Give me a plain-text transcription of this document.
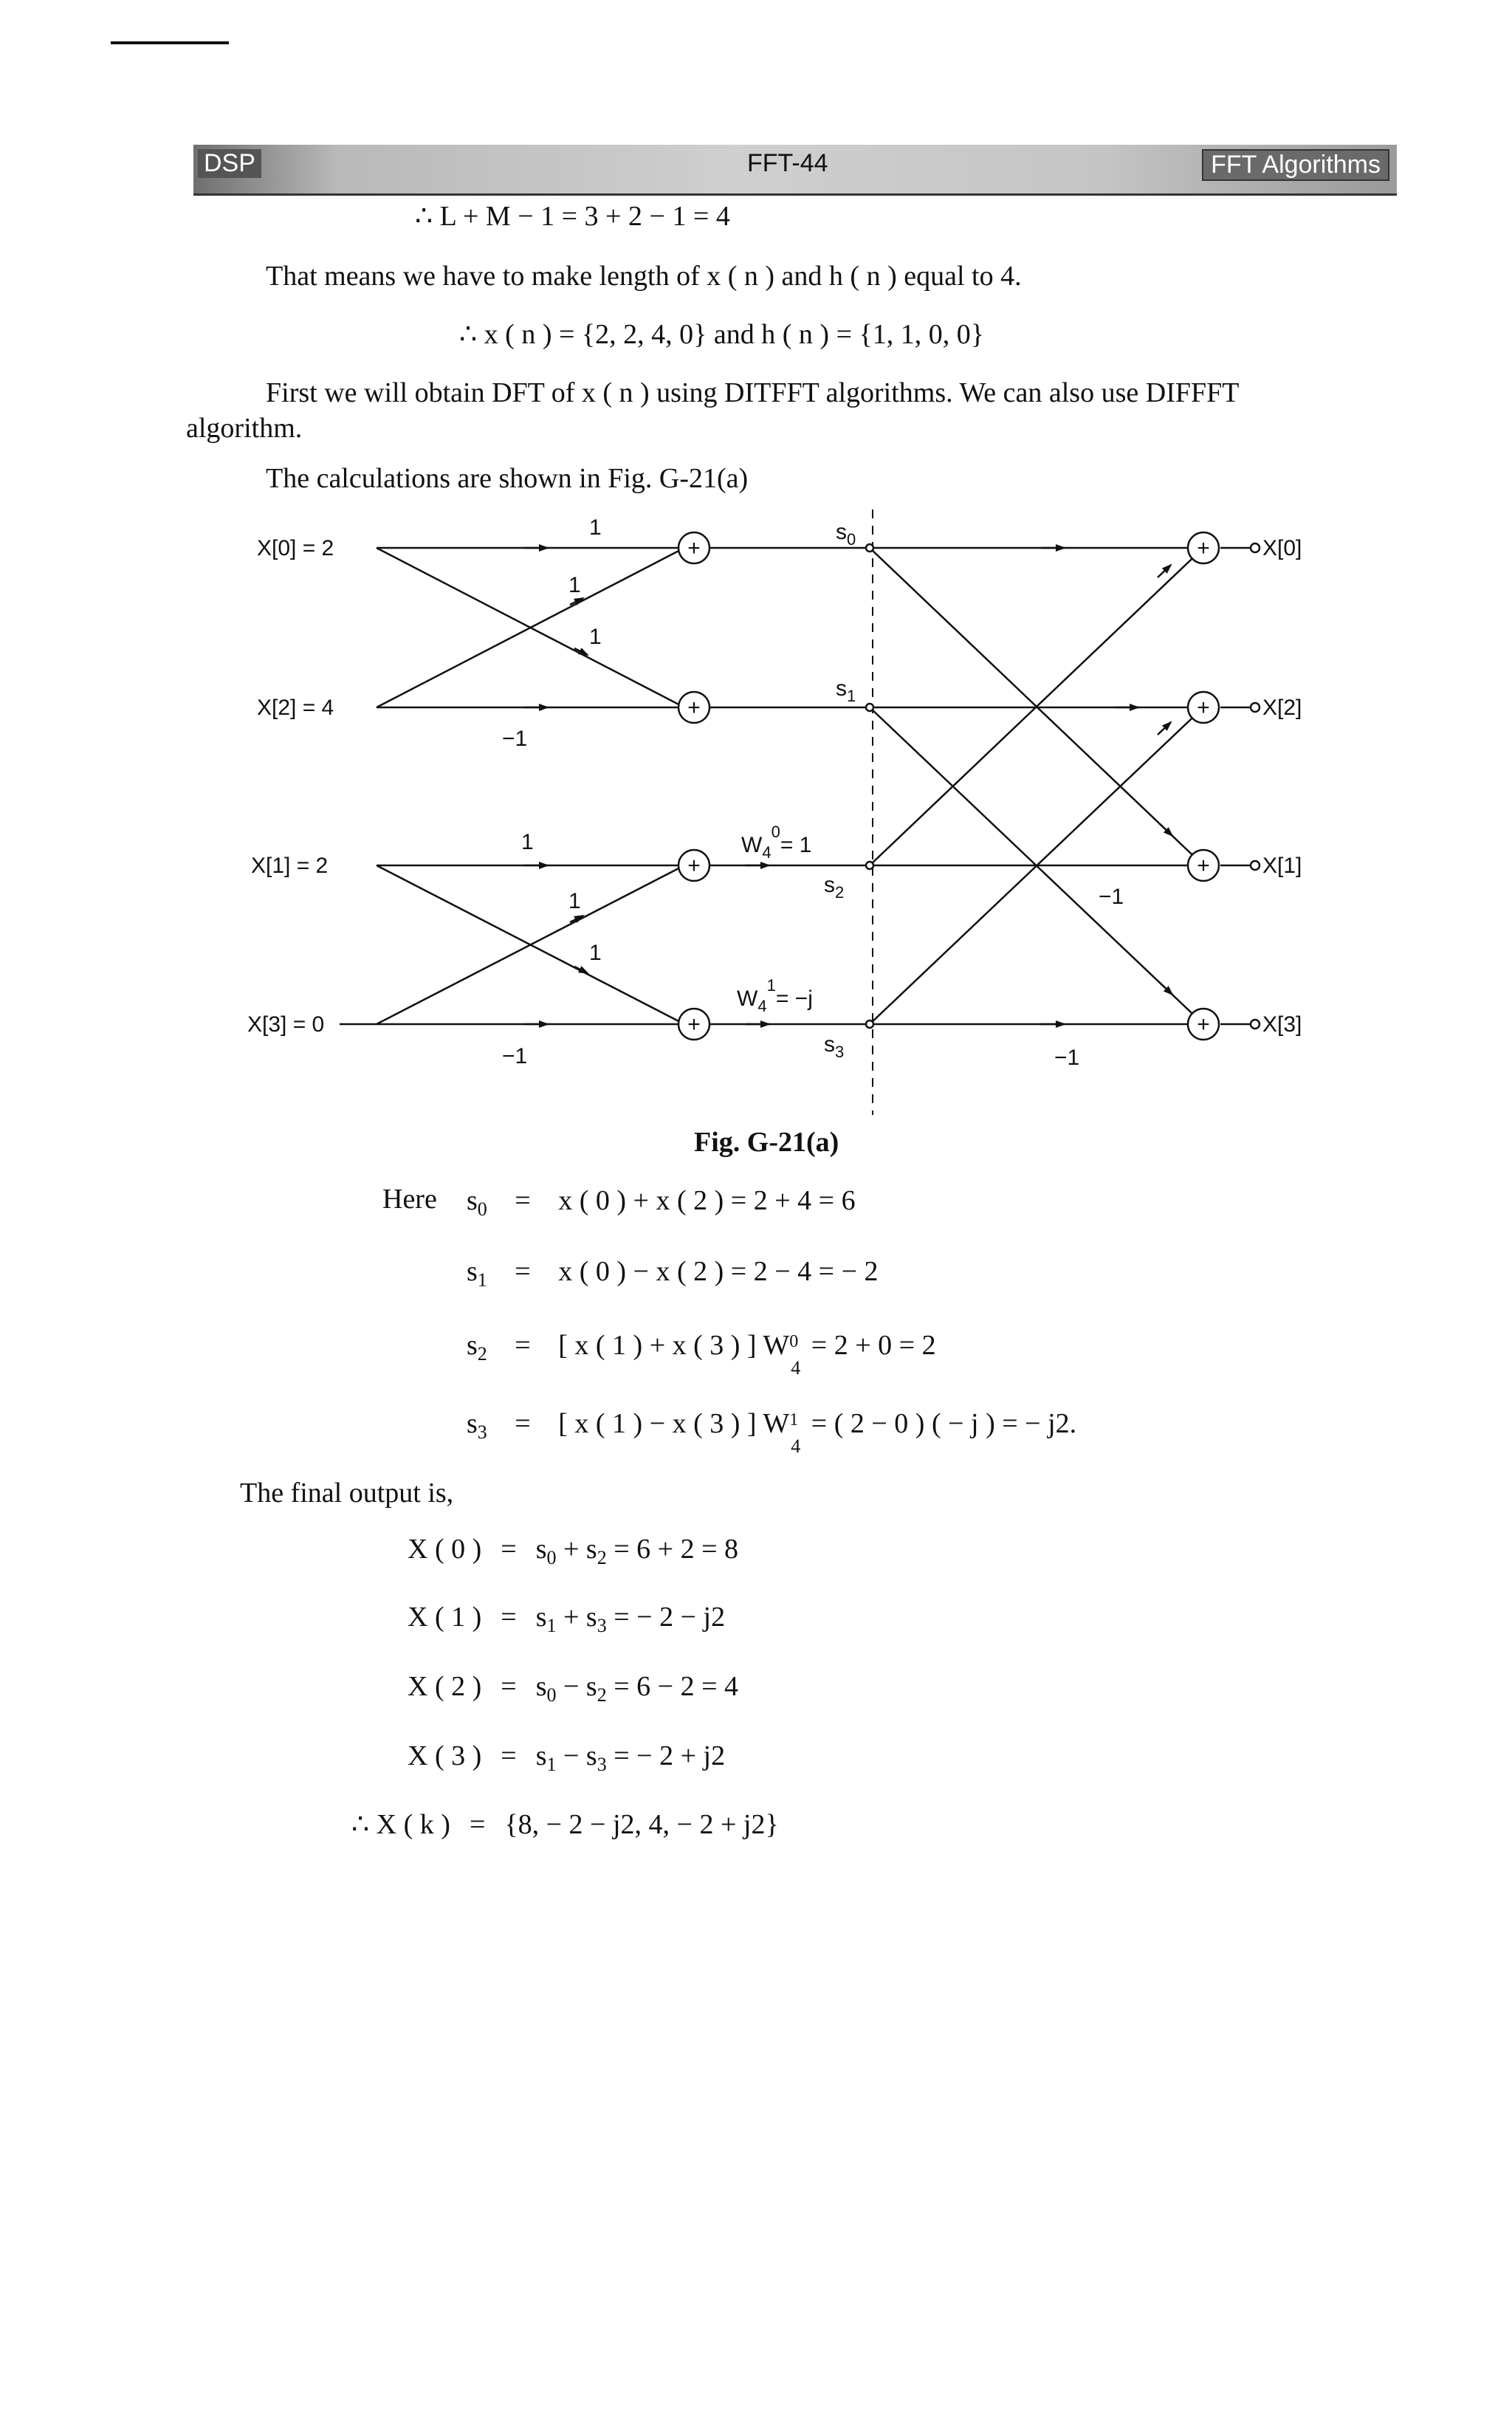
DSP	FFT-44	FFT Algorithms
∴ L + M − 1 = 3 + 2 − 1 = 4
That means we have to make length of x ( n ) and h ( n ) equal to 4.
∴ x ( n ) = {2, 2, 4, 0} and h ( n ) = {1, 1, 0, 0}
First we will obtain DFT of x ( n ) using DITFFT algorithms. We can also use DIFFFT
algorithm.
The calculations are shown in Fig. G-21(a)
+
+
+
+
+
+
+
+
X[0] = 2
X[2] = 4
X[1] = 2
X[3] = 0
X[0]
X[2]
X[1]
X[3]
1
1
1
−1
1
1
1
−1
$W_4^0= 1$
$W_4^1= -j$
$s_0$
$s_1$
$s_2$
$s_3$
−1
−1
Fig. G-21(a)
Here $s_0 = x$ ( 0 ) + x ( 2 ) = 2 + 4 = 6
$s_1 = x$ ( 0 ) − x ( 2 ) = 2 − 4 = − 2
$s_2$ = [ x ( 1 ) + x ( 3 ) ] W 0
4
= 2 + 0 = 2
$s_3$ = [ x ( 1 ) − x ( 3 ) ] W 1
4
= ( 2 − 0 ) ( − j ) = − j2.
The final output is,
X ( 0 ) = $s_0 + s_2 = 6 + 2 = 8$
X ( 1 ) = $s_1 + s_3$ = − 2 − j2
X ( 2 ) = $s_0 - s_2 = 6 - 2 = 4$
X ( 3 ) = $s_1 - s_3$ = − 2 + j2
∴ X ( k ) = {8, − 2 − j2, 4, − 2 + j2}
